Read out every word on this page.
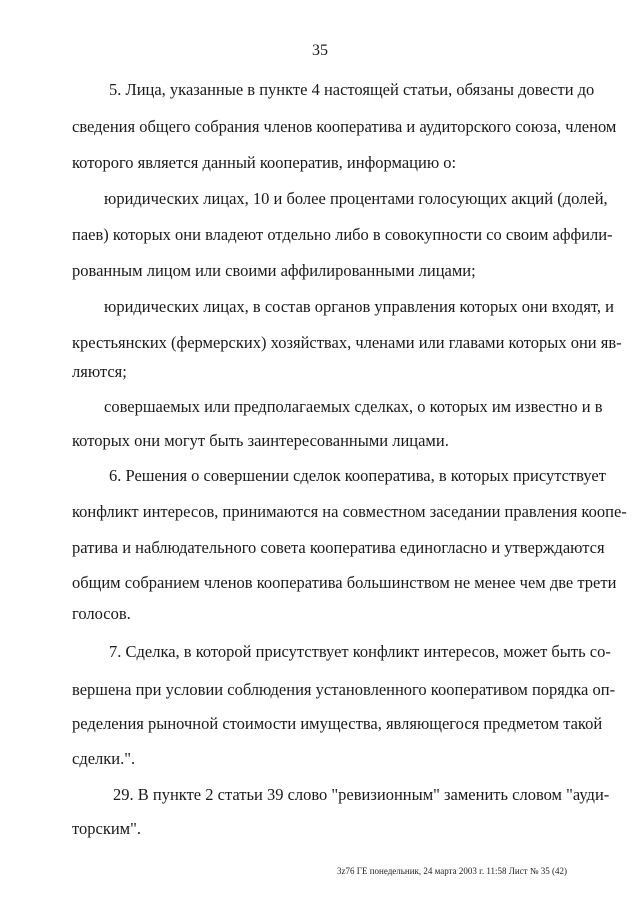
35
5. Лица, указанные в пункте 4 настоящей статьи, обязаны довести до
сведения общего собрания членов кооператива и аудиторского союза, членом
которого является данный кооператив, информацию о:
юридических лицах, 10 и более процентами голосующих акций (долей,
паев) которых они владеют отдельно либо в совокупности со своим аффили-
рованным лицом или своими аффилированными лицами;
юридических лицах, в состав органов управления которых они входят, и
крестьянских (фермерских) хозяйствах, членами или главами которых они яв-
ляются;
совершаемых или предполагаемых сделках, о которых им известно и в
которых они могут быть заинтересованными лицами.
6. Решения о совершении сделок кооператива, в которых присутствует
конфликт интересов, принимаются на совместном заседании правления коопе-
ратива и наблюдательного совета кооператива единогласно и утверждаются
общим собранием членов кооператива большинством не менее чем две трети
голосов.
7. Сделка, в которой присутствует конфликт интересов, может быть со-
вершена при условии соблюдения установленного кооперативом порядка оп-
ределения рыночной стоимости имущества, являющегося предметом такой
сделки.".
29. В пункте 2 статьи 39 слово "ревизионным" заменить словом "ауди-
торским".
3z76 ГЕ понедельник, 24 марта 2003 г. 11:58 Лист № 35 (42)
